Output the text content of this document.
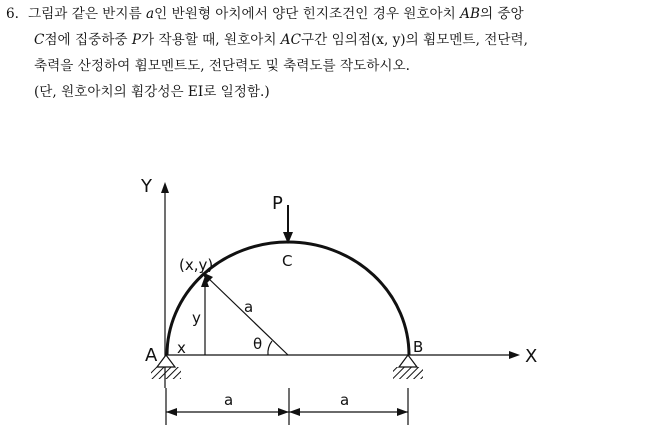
6. 그림과 같은 반지름 a인 반원형 아치에서 양단 힌지조건인 경우 원호아치 AB의 중앙
C점에 집중하중 P가 작용할 때, 원호아치 AC구간 임의점(x, y)의 휨모멘트, 전단력,
축력을 산정하여 휨모멘트도, 전단력도 및 축력도를 작도하시오.
(단, 원호아치의 휨강성은 EI로 일정함.)
Y
X
P
C
(x,y)
a
y
x	θ
A	B
a	a
